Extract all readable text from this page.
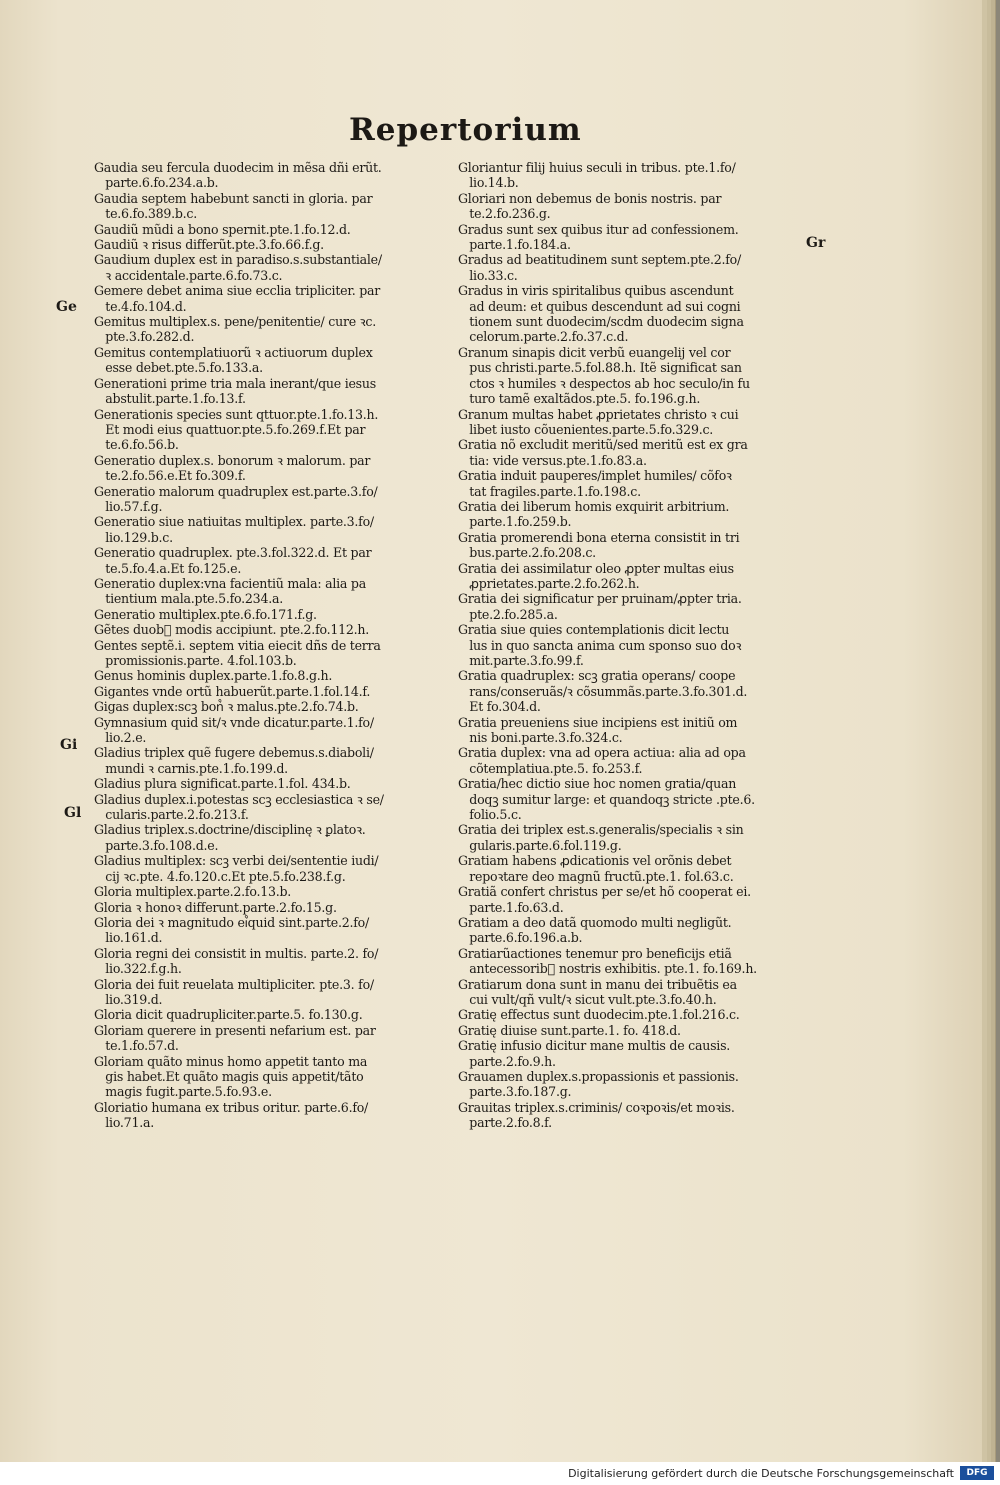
Repertorium
Ge
Gi
Gl
Gr

Gaudia seu fercula duodecim in mẽsa dñi erũt.

parte.6.fo.234.a.b.

Gaudia septem habebunt sancti in gloria. par

te.6.fo.389.b.c.

Gaudiũ mũdi a bono spernit.pte.1.fo.12.d.

Gaudiũ ꝛ risus differũt.pte.3.fo.66.f.g.

Gaudium duplex est in paradiso.s.substantiale/

ꝛ accidentale.parte.6.fo.73.c.

Gemere debet anima siue ecclia tripliciter. par

te.4.fo.104.d.

Gemitus multiplex.s. pene/penitentie/ cure ꝛc.

pte.3.fo.282.d.

Gemitus contemplatiuorũ ꝛ actiuorum duplex

esse debet.pte.5.fo.133.a.

Generationi prime tria mala inerant/que iesus

abstulit.parte.1.fo.13.f.

Generationis species sunt qttuor.pte.1.fo.13.h.

Et modi eius quattuor.pte.5.fo.269.f.Et par

te.6.fo.56.b.

Generatio duplex.s. bonorum ꝛ malorum. par

te.2.fo.56.e.Et fo.309.f.

Generatio malorum quadruplex est.parte.3.fo/

lio.57.f.g.

Generatio siue natiuitas multiplex. parte.3.fo/

lio.129.b.c.

Generatio quadruplex. pte.3.fol.322.d. Et par

te.5.fo.4.a.Et fo.125.e.

Generatio duplex:vna facientiũ mala: alia pa

tientium mala.pte.5.fo.234.a.

Generatio multiplex.pte.6.fo.171.f.g.

Gẽtes duob᷒ modis accipiunt. pte.2.fo.112.h.

Gentes septẽ.i. septem vitia eiecit dñs de terra

promissionis.parte. 4.fol.103.b.

Genus hominis duplex.parte.1.fo.8.g.h.

Gigantes vnde ortũ habuerũt.parte.1.fol.14.f.

Gigas duplex:scꝫ bon᷒ ꝛ malus.pte.2.fo.74.b.

Gymnasium quid sit/ꝛ vnde dicatur.parte.1.fo/

lio.2.e.

Gladius triplex quẽ fugere debemus.s.diaboli/

mundi ꝛ carnis.pte.1.fo.199.d.

Gladius plura significat.parte.1.fol. 434.b.

Gladius duplex.i.potestas scꝫ ecclesiastica ꝛ se/

cularis.parte.2.fo.213.f.

Gladius triplex.s.doctrine/disciplinę ꝛ ꝑlatoꝛ.

parte.3.fo.108.d.e.

Gladius multiplex: scꝫ verbi dei/sententie iudi/

cij ꝛc.pte. 4.fo.120.c.Et pte.5.fo.238.f.g.

Gloria multiplex.parte.2.fo.13.b.

Gloria ꝛ honoꝛ differunt.parte.2.fo.15.g.

Gloria dei ꝛ magnitudo ei᷒quid sint.parte.2.fo/

lio.161.d.

Gloria regni dei consistit in multis. parte.2. fo/

lio.322.f.g.h.

Gloria dei fuit reuelata multipliciter. pte.3. fo/

lio.319.d.

Gloria dicit quadrupliciter.parte.5. fo.130.g.

Gloriam querere in presenti nefarium est. par

te.1.fo.57.d.

Gloriam quãto minus homo appetit tanto ma

gis habet.Et quãto magis quis appetit/tãto

magis fugit.parte.5.fo.93.e.

Gloriatio humana ex tribus oritur. parte.6.fo/

lio.71.a.

Gloriantur filij huius seculi in tribus. pte.1.fo/

lio.14.b.

Gloriari non debemus de bonis nostris. par

te.2.fo.236.g.

Gradus sunt sex quibus itur ad confessionem.

parte.1.fo.184.a.

Gradus ad beatitudinem sunt septem.pte.2.fo/

lio.33.c.

Gradus in viris spiritalibus quibus ascendunt

ad deum: et quibus descendunt ad sui cogni

tionem sunt duodecim/scdm duodecim signa

celorum.parte.2.fo.37.c.d.

Granum sinapis dicit verbũ euangelij vel cor

pus christi.parte.5.fol.88.h. Itẽ significat san

ctos ꝛ humiles ꝛ despectos ab hoc seculo/in fu

turo tamẽ exaltãdos.pte.5. fo.196.g.h.

Granum multas habet ꝓprietates christo ꝛ cui

libet iusto cõuenientes.parte.5.fo.329.c.

Gratia nõ excludit meritũ/sed meritũ est ex gra

tia: vide versus.pte.1.fo.83.a.

Gratia induit pauperes/implet humiles/ cõfoꝛ

tat fragiles.parte.1.fo.198.c.

Gratia dei liberum homis exquirit arbitrium.

parte.1.fo.259.b.

Gratia promerendi bona eterna consistit in tri

bus.parte.2.fo.208.c.

Gratia dei assimilatur oleo ꝓpter multas eius

ꝓprietates.parte.2.fo.262.h.

Gratia dei significatur per pruinam/ꝓpter tria.

pte.2.fo.285.a.

Gratia siue quies contemplationis dicit lectu

lus in quo sancta anima cum sponso suo doꝛ

mit.parte.3.fo.99.f.

Gratia quadruplex: scꝫ gratia operans/ coope

rans/conseruãs/ꝛ cõsummãs.parte.3.fo.301.d.

Et fo.304.d.

Gratia preueniens siue incipiens est initiũ om

nis boni.parte.3.fo.324.c.

Gratia duplex: vna ad opera actiua: alia ad opa

cõtemplatiua.pte.5. fo.253.f.

Gratia/hec dictio siue hoc nomen gratia/quan

doqꝫ sumitur large: et quandoqꝫ stricte .pte.6.

folio.5.c.

Gratia dei triplex est.s.generalis/specialis ꝛ sin

gularis.parte.6.fol.119.g.

Gratiam habens ꝓdicationis vel orõnis debet

repoꝛtare deo magnũ fructũ.pte.1. fol.63.c.

Gratiã confert christus per se/et hõ cooperat ei.

parte.1.fo.63.d.

Gratiam a deo datã quomodo multi negligũt.

parte.6.fo.196.a.b.

Gratiarũactiones tenemur pro beneficijs etiã

antecessorib᷒ nostris exhibitis. pte.1. fo.169.h.

Gratiarum dona sunt in manu dei tribuẽtis ea

cui vult/qñ vult/ꝛ sicut vult.pte.3.fo.40.h.

Gratię effectus sunt duodecim.pte.1.fol.216.c.

Gratię diuise sunt.parte.1. fo. 418.d.

Gratię infusio dicitur mane multis de causis.

parte.2.fo.9.h.

Grauamen duplex.s.propassionis et passionis.

parte.3.fo.187.g.

Grauitas triplex.s.criminis/ coꝛpoꝛis/et moꝛis.

parte.2.fo.8.f.

Digitalisierung gefördert durch die Deutsche Forschungsgemeinschaft	DFG
